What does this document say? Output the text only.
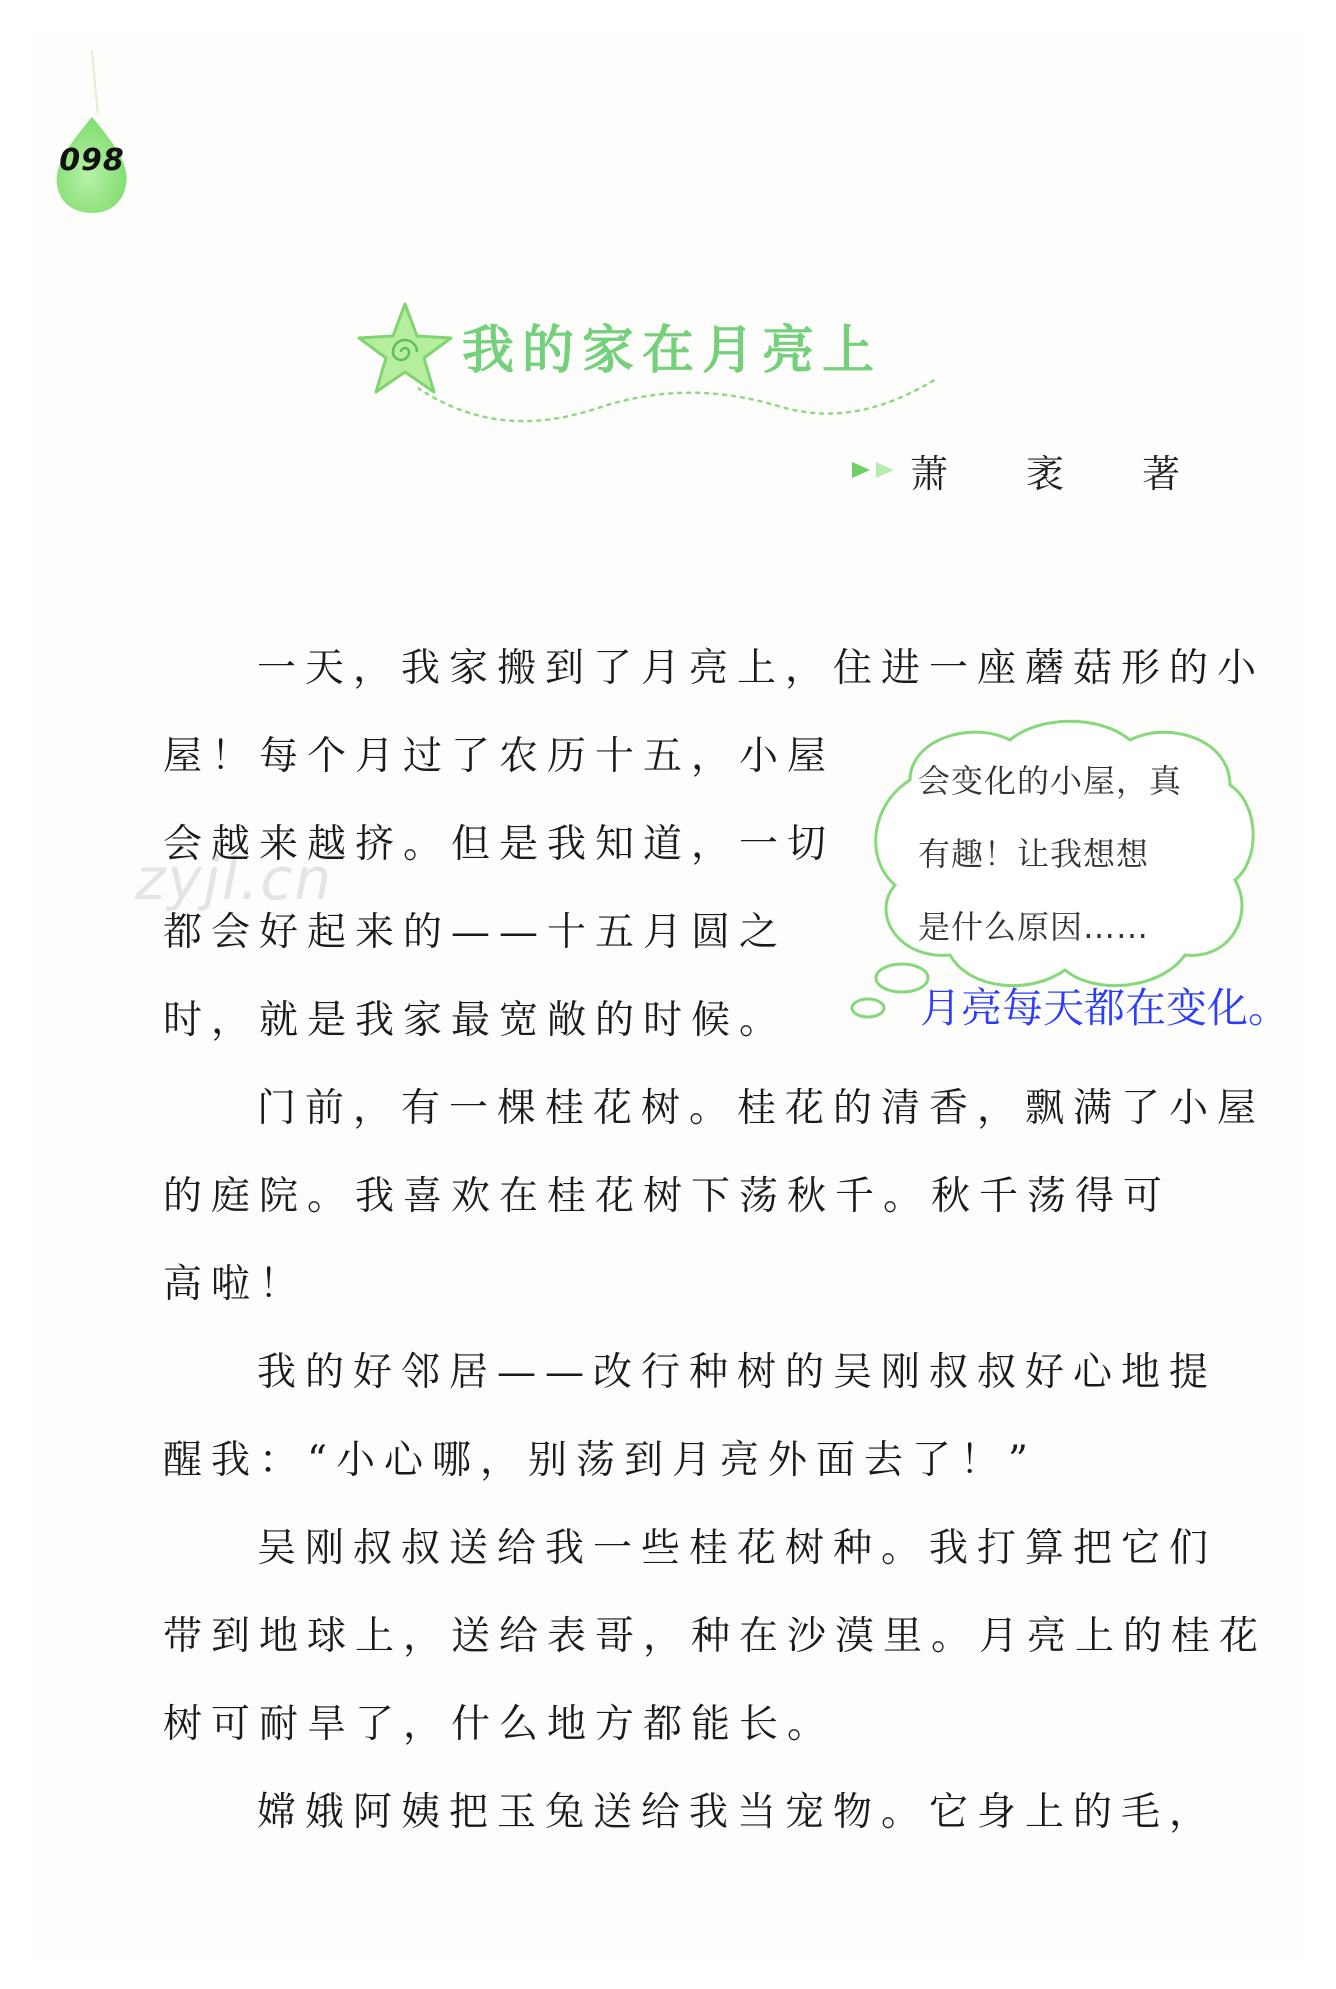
098
我的家在月亮上
萧　袤　著
zyjl.cn
一天，我家搬到了月亮上，住进一座蘑菇形的小
屋！每个月过了农历十五，小屋
会越来越挤。但是我知道，一切
都会好起来的——十五月圆之
时，就是我家最宽敞的时候。
门前，有一棵桂花树。桂花的清香，飘满了小屋
的庭院。我喜欢在桂花树下荡秋千。秋千荡得可
高啦！
我的好邻居——改行种树的吴刚叔叔好心地提
醒我：“小心哪，别荡到月亮外面去了！”
吴刚叔叔送给我一些桂花树种。我打算把它们
带到地球上，送给表哥，种在沙漠里。月亮上的桂花
树可耐旱了，什么地方都能长。
嫦娥阿姨把玉兔送给我当宠物。它身上的毛，
会变化的小屋，真
有趣！让我想想
是什么原因……
月亮每天都在变化。
